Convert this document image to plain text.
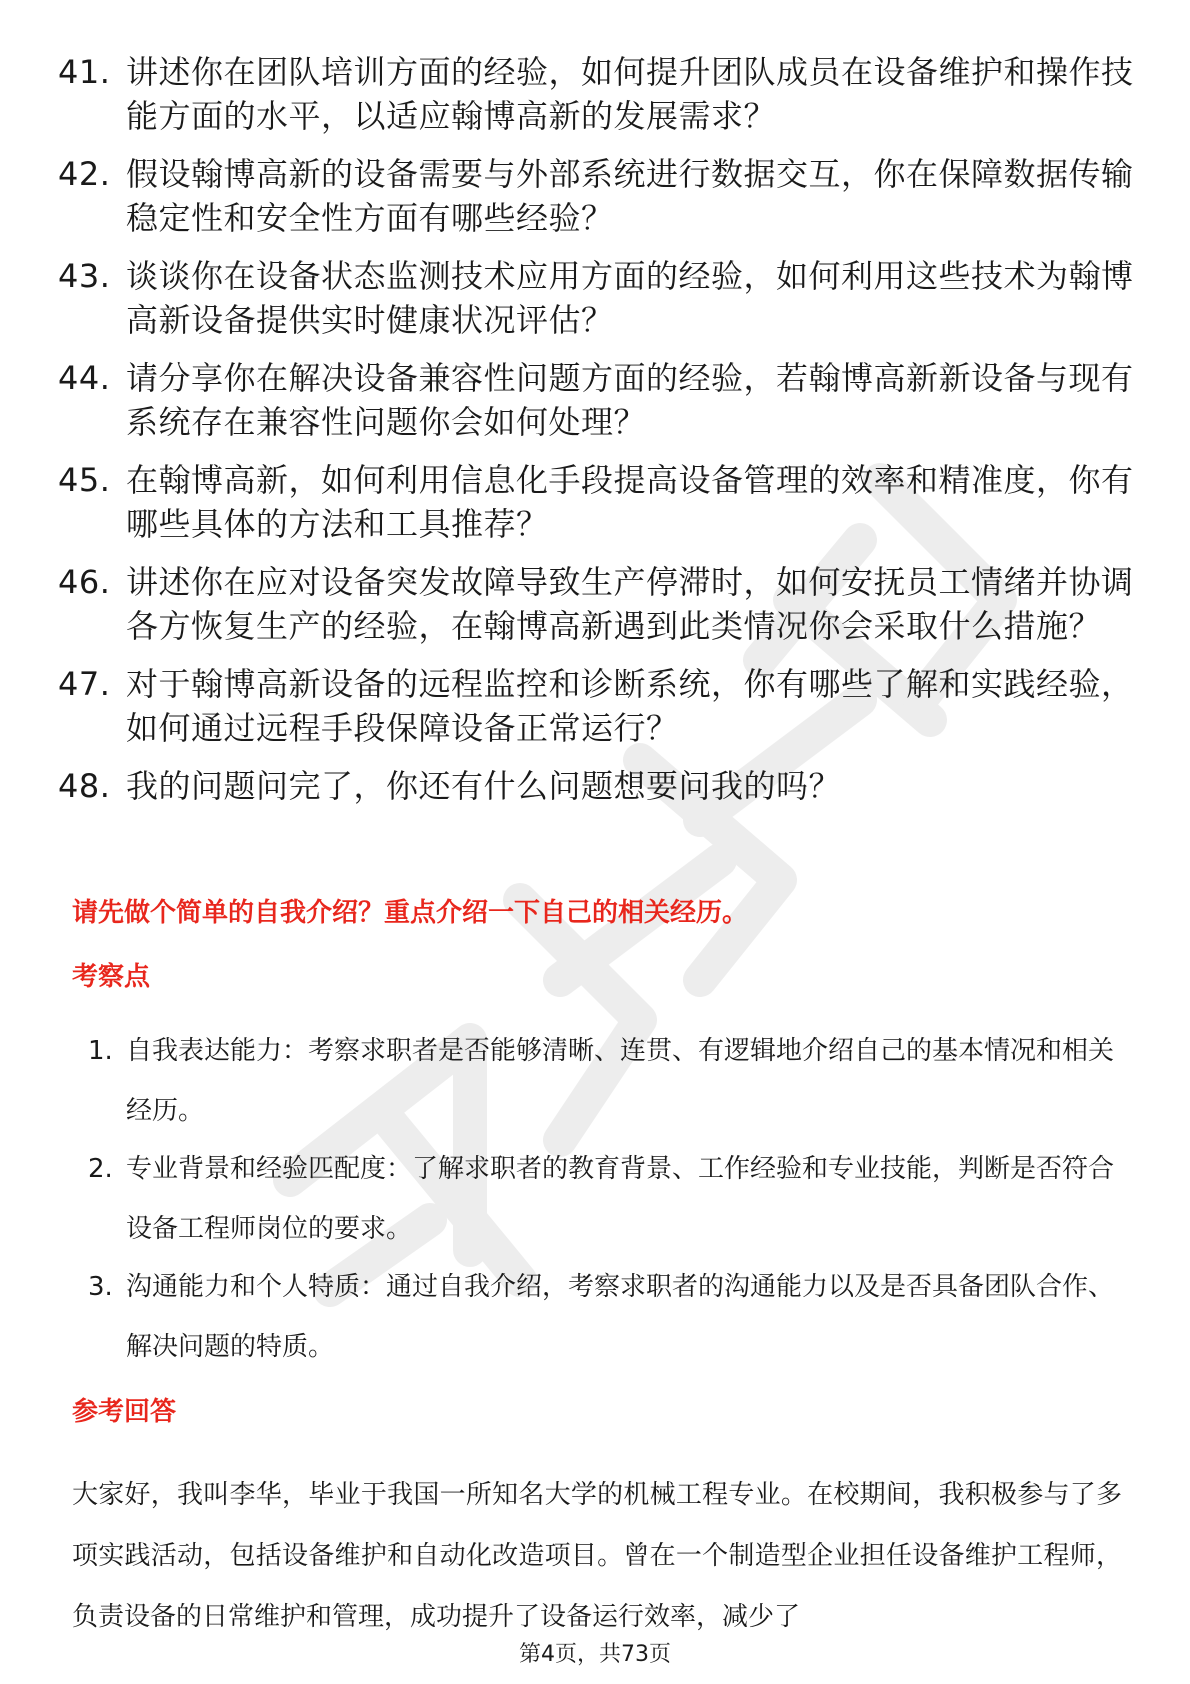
41. 讲述你在团队培训方面的经验，如何提升团队成员在设备维护和操作技能方面的水平，以适应翰博高新的发展需求？
42. 假设翰博高新的设备需要与外部系统进行数据交互，你在保障数据传输稳定性和安全性方面有哪些经验？
43. 谈谈你在设备状态监测技术应用方面的经验，如何利用这些技术为翰博高新设备提供实时健康状况评估？
44. 请分享你在解决设备兼容性问题方面的经验，若翰博高新新设备与现有系统存在兼容性问题你会如何处理？
45. 在翰博高新，如何利用信息化手段提高设备管理的效率和精准度，你有哪些具体的方法和工具推荐？
46. 讲述你在应对设备突发故障导致生产停滞时，如何安抚员工情绪并协调各方恢复生产的经验，在翰博高新遇到此类情况你会采取什么措施？
47. 对于翰博高新设备的远程监控和诊断系统，你有哪些了解和实践经验，如何通过远程手段保障设备正常运行？
48. 我的问题问完了，你还有什么问题想要问我的吗？
请先做个简单的自我介绍？重点介绍一下自己的相关经历。
考察点
1. 自我表达能力：考察求职者是否能够清晰、连贯、有逻辑地介绍自己的基本情况和相关经历。
2. 专业背景和经验匹配度：了解求职者的教育背景、工作经验和专业技能，判断是否符合设备工程师岗位的要求。
3. 沟通能力和个人特质：通过自我介绍，考察求职者的沟通能力以及是否具备团队合作、解决问题的特质。
参考回答

大家好，我叫李华，毕业于我国一所知名大学的机械工程专业。在校期间，我积极参与了多项实践活动，包括设备维护和自动化改造项目。曾在一个制造型企业担任设备维护工程师，负责设备的日常维护和管理，成功提升了设备运行效率，减少了

第4页，共73页
